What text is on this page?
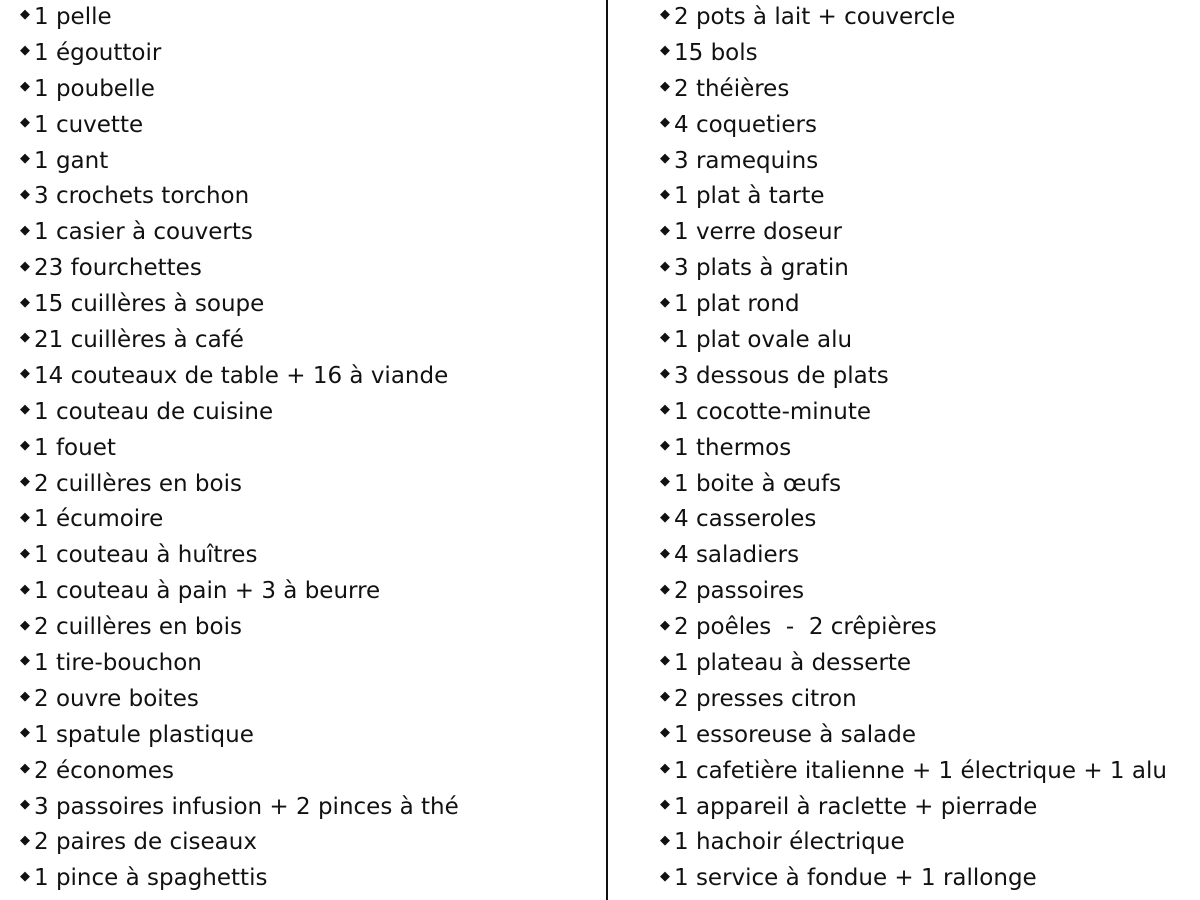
◆ 1 pelle
◆ 1 égouttoir
◆ 1 poubelle
◆ 1 cuvette
◆ 1 gant
◆ 3 crochets torchon
◆ 1 casier à couverts
◆ 23 fourchettes
◆ 15 cuillères à soupe
◆ 21 cuillères à café
◆ 14 couteaux de table + 16 à viande
◆ 1 couteau de cuisine
◆ 1 fouet
◆ 2 cuillères en bois
◆ 1 écumoire
◆ 1 couteau à huîtres
◆ 1 couteau à pain + 3 à beurre
◆ 2 cuillères en bois
◆ 1 tire-bouchon
◆ 2 ouvre boites
◆ 1 spatule plastique
◆ 2 économes
◆ 3 passoires infusion + 2 pinces à thé
◆ 2 paires de ciseaux
◆ 1 pince à spaghettis
◆ 2 pots à lait + couvercle
◆ 15 bols
◆ 2 théières
◆ 4 coquetiers
◆ 3 ramequins
◆ 1 plat à tarte
◆ 1 verre doseur
◆ 3 plats à gratin
◆ 1 plat rond
◆ 1 plat ovale alu
◆ 3 dessous de plats
◆ 1 cocotte-minute
◆ 1 thermos
◆ 1 boite à œufs
◆ 4 casseroles
◆ 4 saladiers
◆ 2 passoires
◆ 2 poêles  -  2 crêpières
◆ 1 plateau à desserte
◆ 2 presses citron
◆ 1 essoreuse à salade
◆ 1 cafetière italienne + 1 électrique + 1 alu
◆ 1 appareil à raclette + pierrade
◆ 1 hachoir électrique
◆ 1 service à fondue + 1 rallonge
